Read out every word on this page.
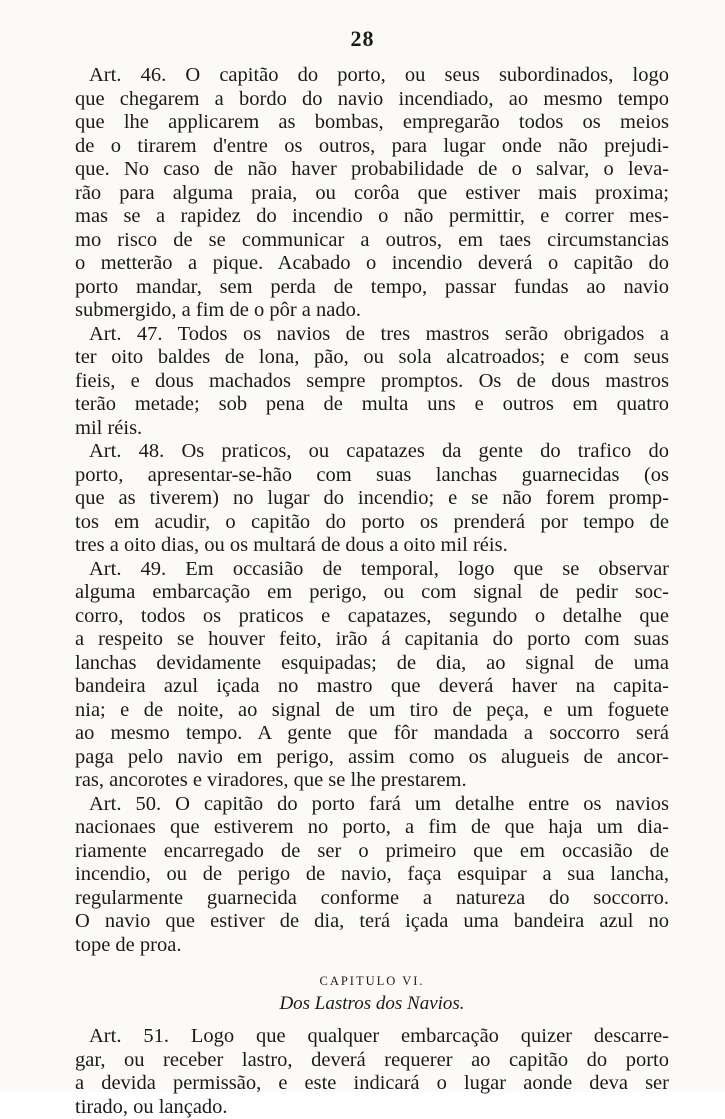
28
Art. 46. O capitão do porto, ou seus subordinados, logo
que chegarem a bordo do navio incendiado, ao mesmo tempo
que lhe applicarem as bombas, empregarão todos os meios
de o tirarem d'entre os outros, para lugar onde não prejudi-
que. No caso de não haver probabilidade de o salvar, o leva-
rão para alguma praia, ou corôa que estiver mais proxima;
mas se a rapidez do incendio o não permittir, e correr mes-
mo risco de se communicar a outros, em taes circumstancias
o metterão a pique. Acabado o incendio deverá o capitão do
porto mandar, sem perda de tempo, passar fundas ao navio
submergido, a fim de o pôr a nado.
Art. 47. Todos os navios de tres mastros serão obrigados a
ter oito baldes de lona, pão, ou sola alcatroados; e com seus
fieis, e dous machados sempre promptos. Os de dous mastros
terão metade; sob pena de multa uns e outros em quatro
mil réis.
Art. 48. Os praticos, ou capatazes da gente do trafico do
porto, apresentar-se-hão com suas lanchas guarnecidas (os
que as tiverem) no lugar do incendio; e se não forem promp-
tos em acudir, o capitão do porto os prenderá por tempo de
tres a oito dias, ou os multará de dous a oito mil réis.
Art. 49. Em occasião de temporal, logo que se observar
alguma embarcação em perigo, ou com signal de pedir soc-
corro, todos os praticos e capatazes, segundo o detalhe que
a respeito se houver feito, irão á capitania do porto com suas
lanchas devidamente esquipadas; de dia, ao signal de uma
bandeira azul içada no mastro que deverá haver na capita-
nia; e de noite, ao signal de um tiro de peça, e um foguete
ao mesmo tempo. A gente que fôr mandada a soccorro será
paga pelo navio em perigo, assim como os alugueis de ancor-
ras, ancorotes e viradores, que se lhe prestarem.
Art. 50. O capitão do porto fará um detalhe entre os navios
nacionaes que estiverem no porto, a fim de que haja um dia-
riamente encarregado de ser o primeiro que em occasião de
incendio, ou de perigo de navio, faça esquipar a sua lancha,
regularmente guarnecida conforme a natureza do soccorro.
O navio que estiver de dia, terá içada uma bandeira azul no
tope de proa.
CAPITULO VI.
Dos Lastros dos Navios.
Art. 51. Logo que qualquer embarcação quizer descarre-
gar, ou receber lastro, deverá requerer ao capitão do porto
a devida permissão, e este indicará o lugar aonde deva ser
tirado, ou lançado.
